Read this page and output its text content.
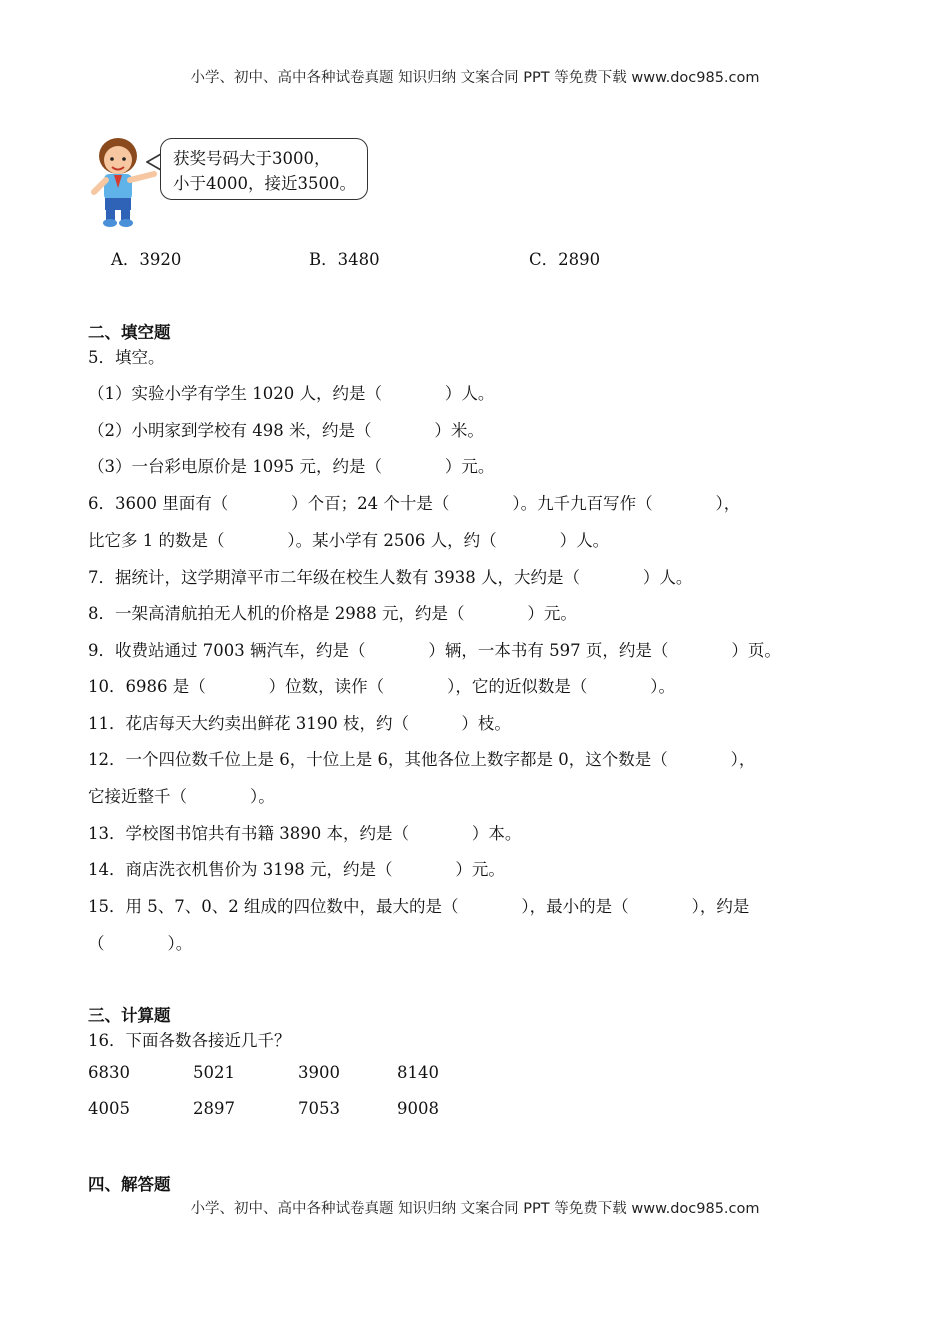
小学、初中、高中各种试卷真题 知识归纳 文案合同 PPT 等免费下载 www.doc985.com
获奖号码大于3000，
小于4000，接近3500。
A．3920	B．3480	C．2890
二、填空题
5．填空。
（1）实验小学有学生 1020 人，约是（            ）人。
（2）小明家到学校有 498 米，约是（            ）米。
（3）一台彩电原价是 1095 元，约是（            ）元。
6．3600 里面有（            ）个百；24 个十是（            ）。九千九百写作（            ），
比它多 1 的数是（            ）。某小学有 2506 人，约（            ）人。
7．据统计，这学期漳平市二年级在校生人数有 3938 人，大约是（            ）人。
8．一架高清航拍无人机的价格是 2988 元，约是（            ）元。
9．收费站通过 7003 辆汽车，约是（            ）辆，一本书有 597 页，约是（            ）页。
10．6986 是（            ）位数，读作（            ），它的近似数是（            ）。
11．花店每天大约卖出鲜花 3190 枝，约（          ）枝。
12．一个四位数千位上是 6，十位上是 6，其他各位上数字都是 0，这个数是（            ），
它接近整千（            ）。
13．学校图书馆共有书籍 3890 本，约是（            ）本。
14．商店洗衣机售价为 3198 元，约是（            ）元。
15．用 5、7、0、2 组成的四位数中，最大的是（            ），最小的是（            ），约是
（            ）。
三、计算题
16．下面各数各接近几千？
6830	5021	3900	8140
4005	2897	7053	9008
四、解答题
小学、初中、高中各种试卷真题 知识归纳 文案合同 PPT 等免费下载 www.doc985.com
